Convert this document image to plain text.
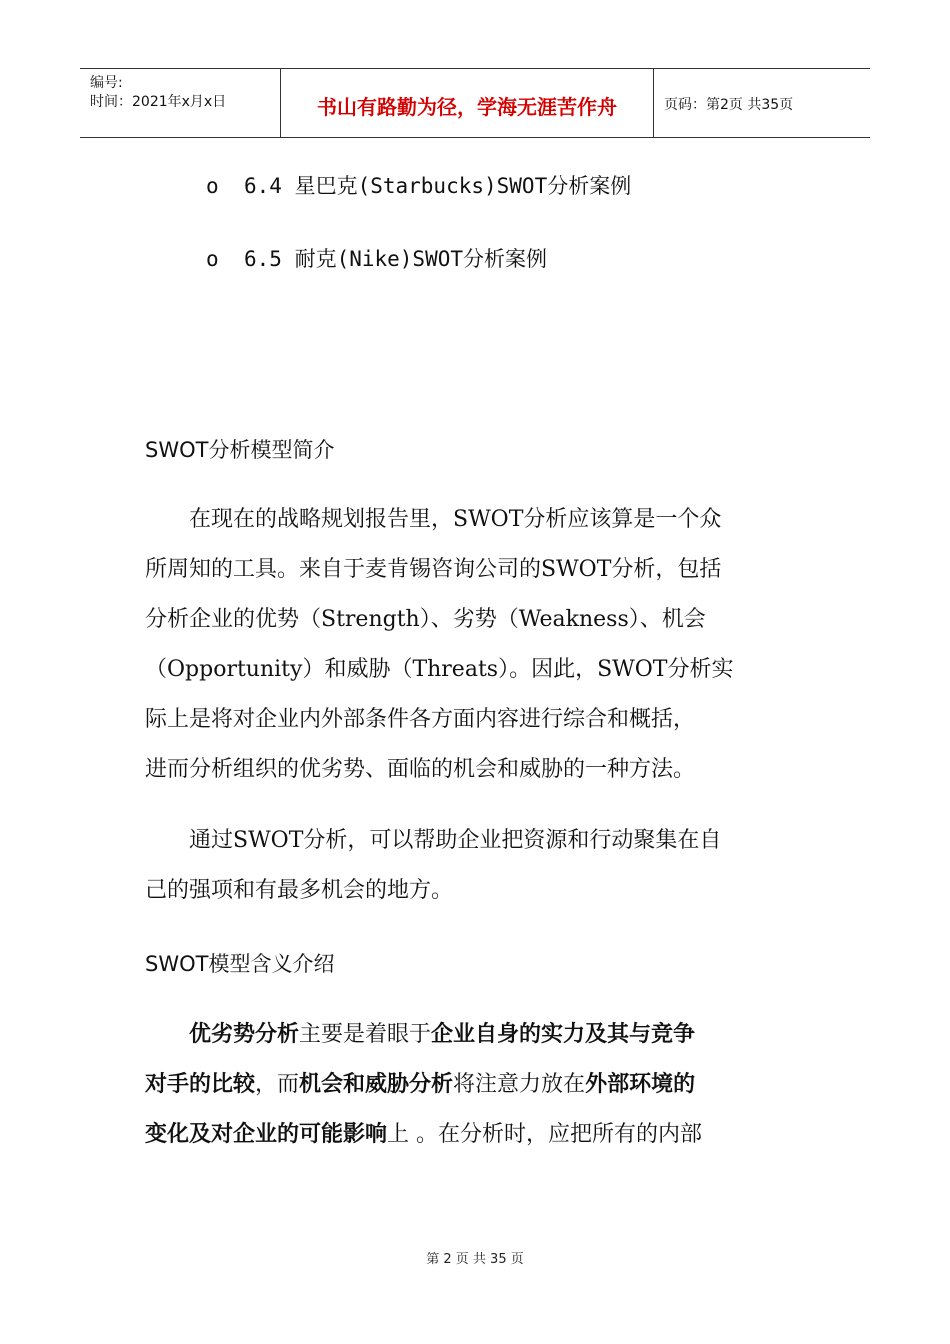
编号:
时间：2021年x月x日	书山有路勤为径，学海无涯苦作舟	页码：第2页 共35页
o 6.4 星巴克(Starbucks)SWOT分析案例
o 6.5 耐克(Nike)SWOT分析案例
SWOT分析模型简介
　　在现在的战略规划报告里，SWOT分析应该算是一个众
所周知的工具。来自于麦肯锡咨询公司的SWOT分析，包括
分析企业的优势（Strength）、劣势（Weakness）、机会
（Opportunity）和威胁（Threats）。因此，SWOT分析实
际上是将对企业内外部条件各方面内容进行综合和概括，
进而分析组织的优劣势、面临的机会和威胁的一种方法。
　　通过SWOT分析，可以帮助企业把资源和行动聚集在自
己的强项和有最多机会的地方。
SWOT模型含义介绍
　　优劣势分析主要是着眼于企业自身的实力及其与竞争
对手的比较，而机会和威胁分析将注意力放在外部环境的
变化及对企业的可能影响上 。在分析时，应把所有的内部
第 2 页 共 35 页
